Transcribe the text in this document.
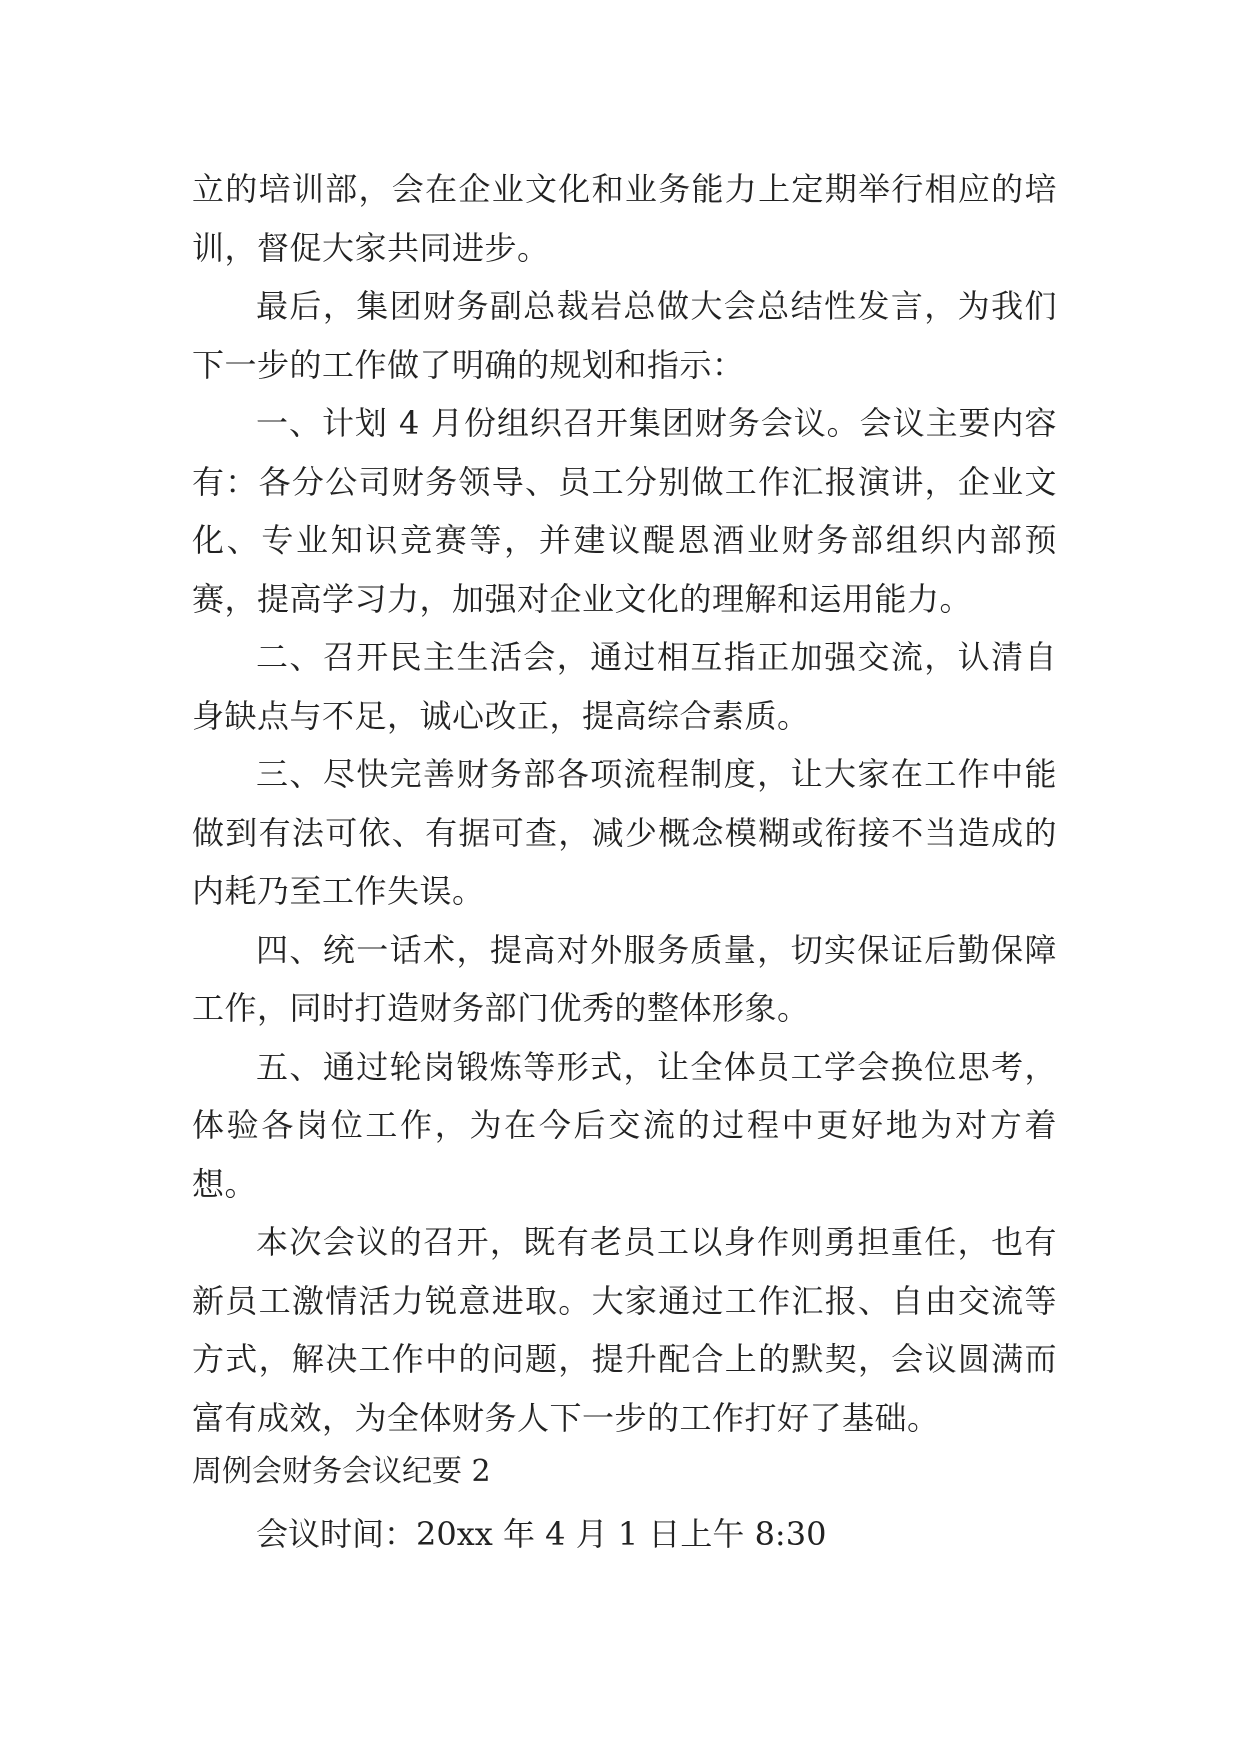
立的培训部，会在企业文化和业务能力上定期举行相应的培训，督促大家共同进步。

最后，集团财务副总裁岩总做大会总结性发言，为我们下一步的工作做了明确的规划和指示：

一、计划 4 月份组织召开集团财务会议。会议主要内容有：各分公司财务领导、员工分别做工作汇报演讲，企业文化、专业知识竞赛等，并建议醍恩酒业财务部组织内部预赛，提高学习力，加强对企业文化的理解和运用能力。

二、召开民主生活会，通过相互指正加强交流，认清自身缺点与不足，诚心改正，提高综合素质。

三、尽快完善财务部各项流程制度，让大家在工作中能做到有法可依、有据可查，减少概念模糊或衔接不当造成的内耗乃至工作失误。

四、统一话术，提高对外服务质量，切实保证后勤保障工作，同时打造财务部门优秀的整体形象。

五、通过轮岗锻炼等形式，让全体员工学会换位思考，体验各岗位工作，为在今后交流的过程中更好地为对方着想。

本次会议的召开，既有老员工以身作则勇担重任，也有新员工激情活力锐意进取。大家通过工作汇报、自由交流等方式，解决工作中的问题，提升配合上的默契，会议圆满而富有成效，为全体财务人下一步的工作打好了基础。

周例会财务会议纪要 2

会议时间：20xx 年 4 月 1 日上午 8:30
